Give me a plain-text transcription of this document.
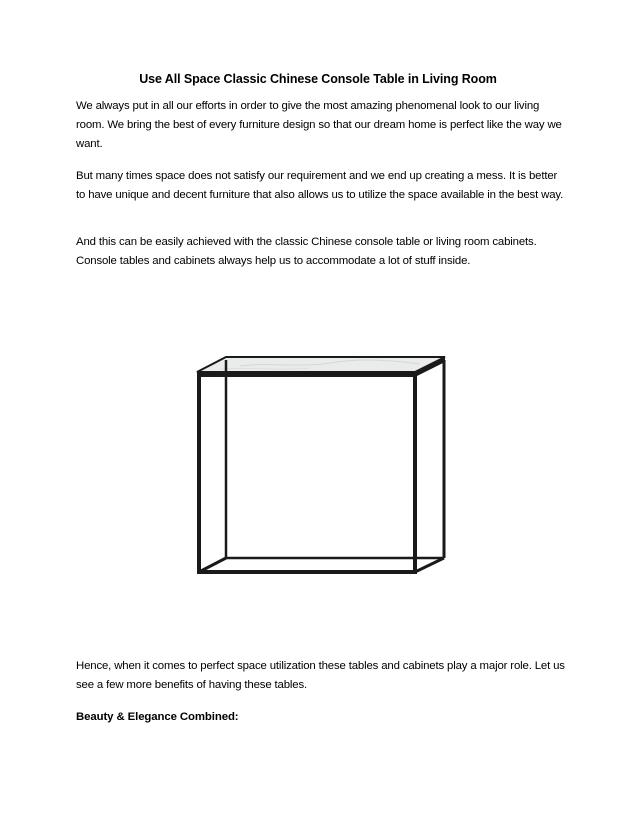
Use All Space Classic Chinese Console Table in Living Room

We always put in all our efforts in order to give the most amazing phenomenal look to our living room. We bring the best of every furniture design so that our dream home is perfect like the way we want.

But many times space does not satisfy our requirement and we end up creating a mess. It is better to have unique and decent furniture that also allows us to utilize the space available in the best way.

And this can be easily achieved with the classic Chinese console table or living room cabinets. Console tables and cabinets always help us to accommodate a lot of stuff inside.

Hence, when it comes to perfect space utilization these tables and cabinets play a major role. Let us see a few more benefits of having these tables.

Beauty & Elegance Combined:
